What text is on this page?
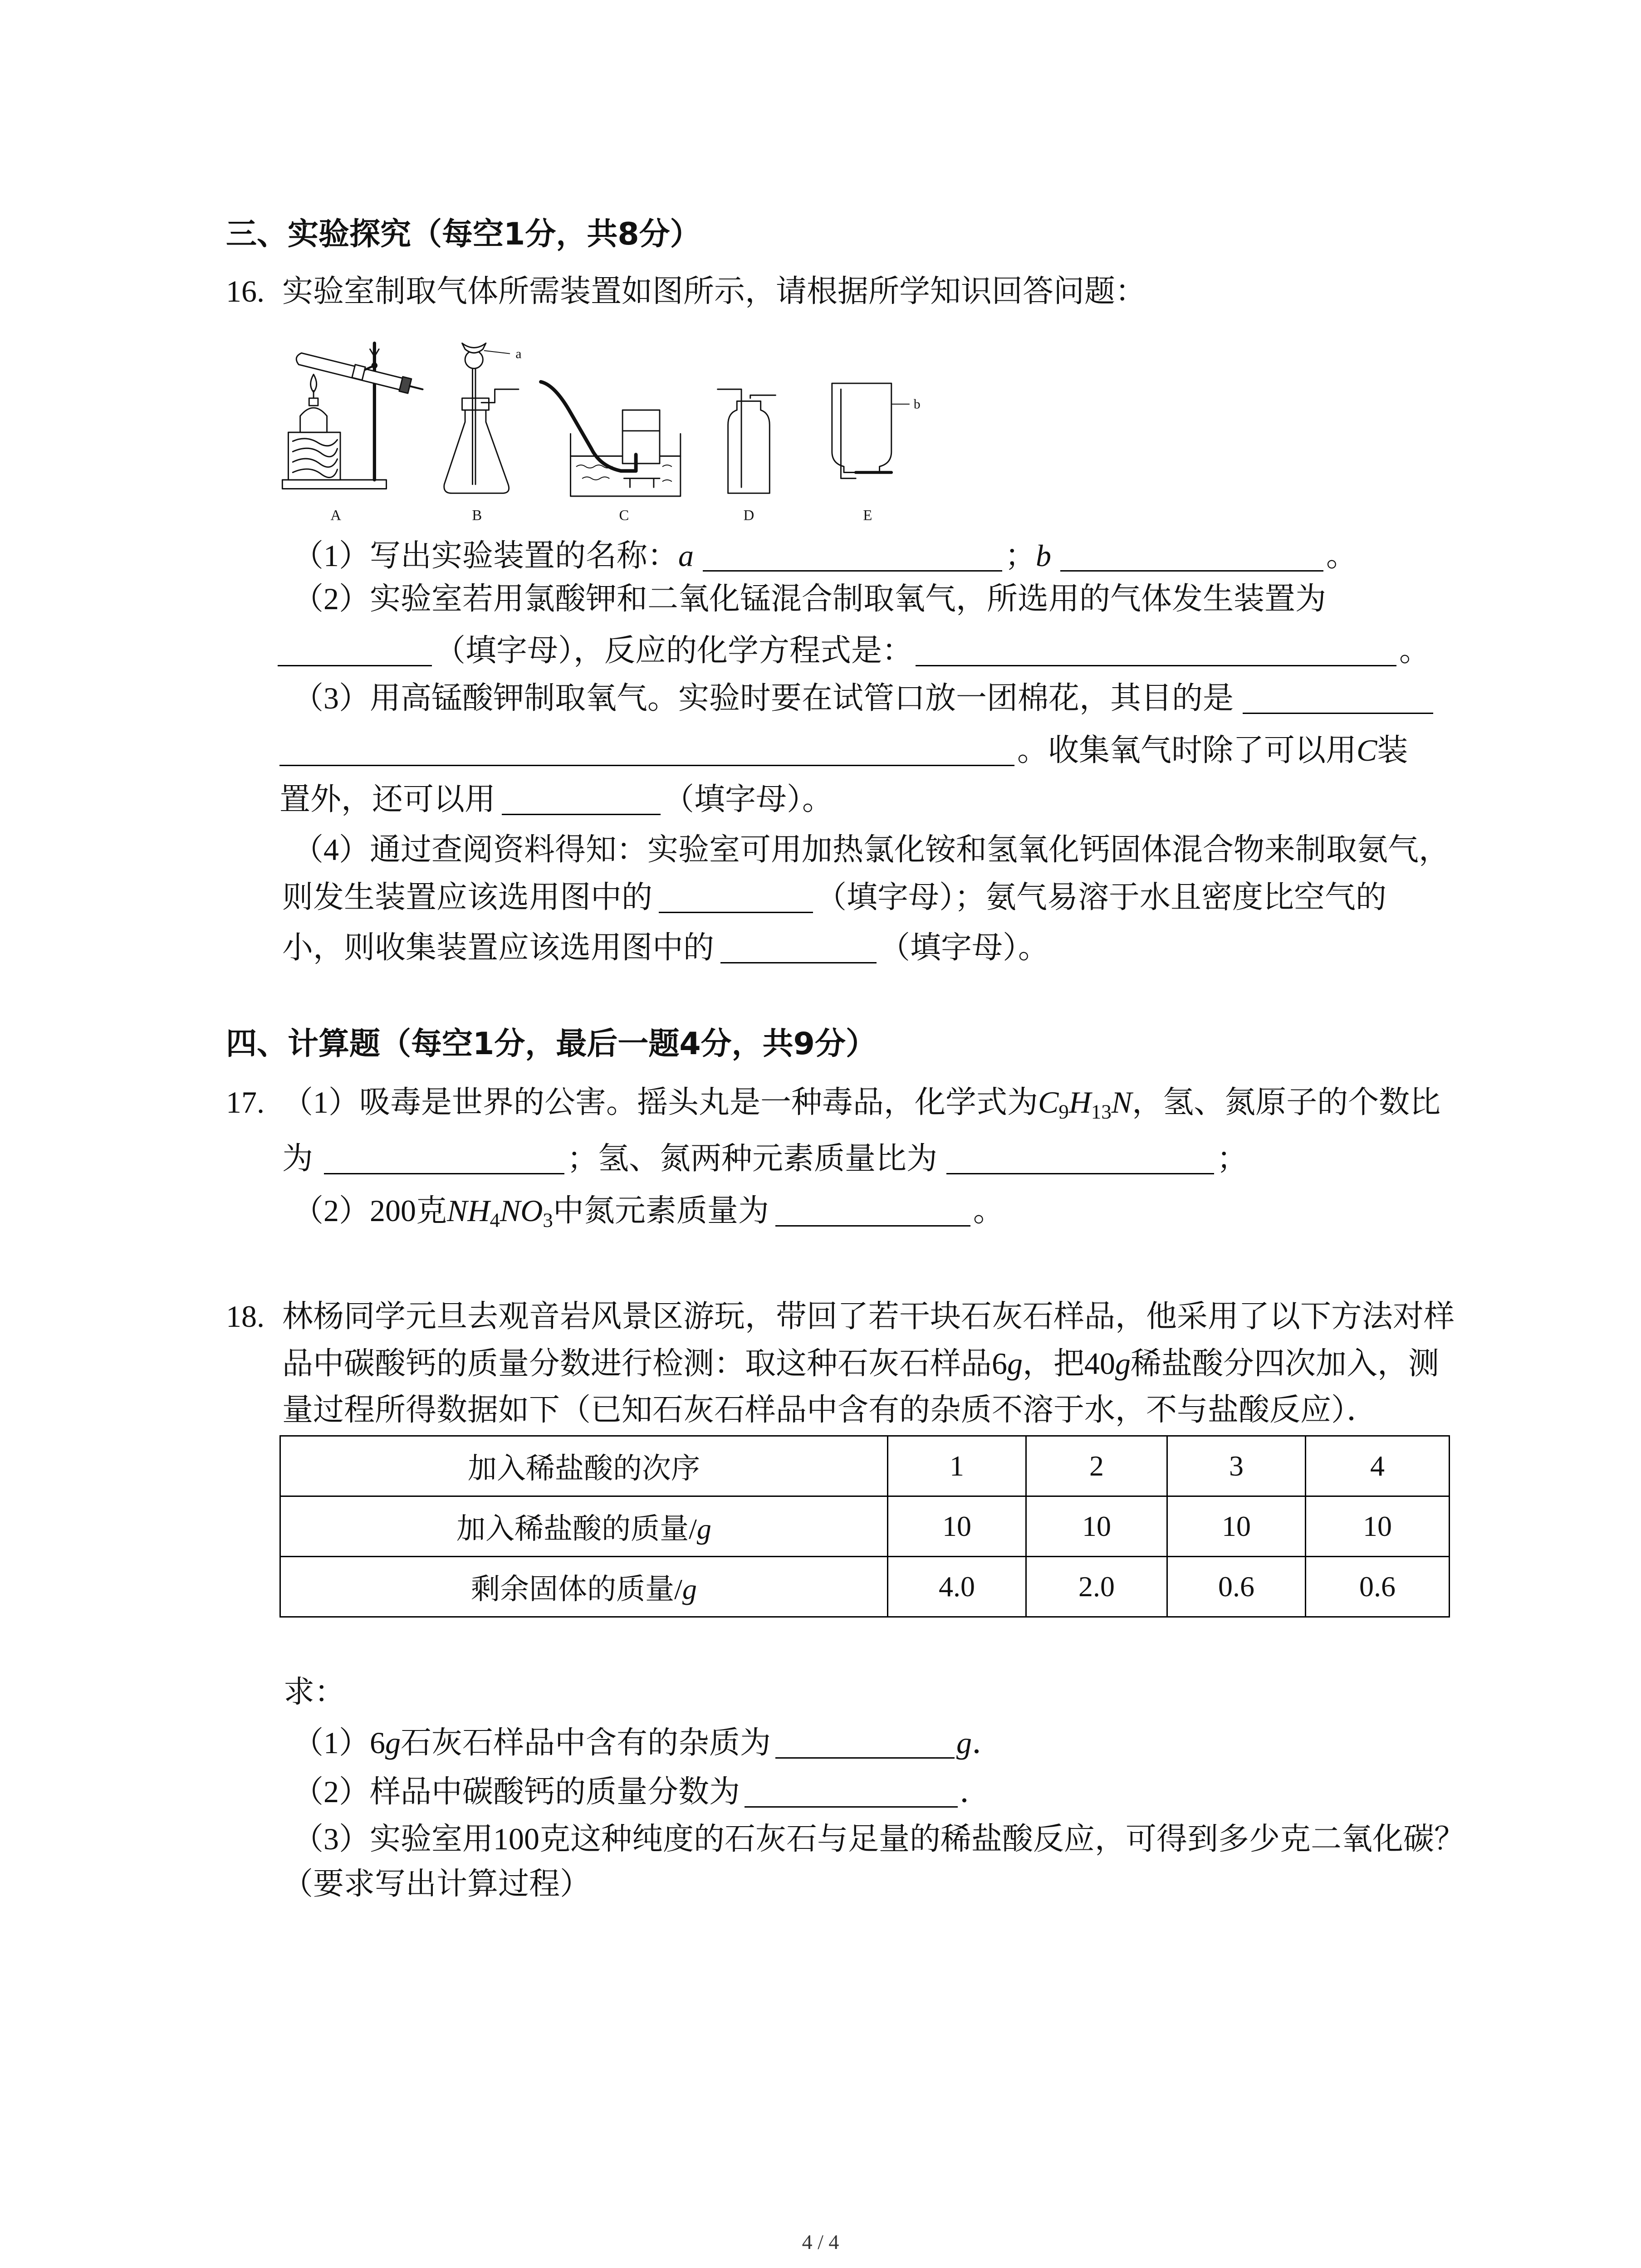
三、实验探究（每空1分，共8分）
16. 实验室制取气体所需装置如图所示，请根据所学知识回答问题：
a
b
A	B	C	D	E
（1）写出实验装置的名称：a	；b	。
（2）实验室若用氯酸钾和二氧化锰混合制取氧气，所选用的气体发生装置为
（填字母），反应的化学方程式是：	。
（3）用高锰酸钾制取氧气。实验时要在试管口放一团棉花，其目的是
。收集氧气时除了可以用C装
置外，还可以用	（填字母）。
（4）通过查阅资料得知：实验室可用加热氯化铵和氢氧化钙固体混合物来制取氨气，
则发生装置应该选用图中的	（填字母）；氨气易溶于水且密度比空气的
小，则收集装置应该选用图中的	（填字母）。
四、计算题（每空1分，最后一题4分，共9分）
17. （1）吸毒是世界的公害。摇头丸是一种毒品，化学式为C9H13N，氢、氮原子的个数比
为	；氢、氮两种元素质量比为	；
（2）200克NH4NO3中氮元素质量为	。
18. 林杨同学元旦去观音岩风景区游玩，带回了若干块石灰石样品，他采用了以下方法对样
品中碳酸钙的质量分数进行检测：取这种石灰石样品6g，把40g稀盐酸分四次加入，测
量过程所得数据如下（已知石灰石样品中含有的杂质不溶于水，不与盐酸反应）．
加入稀盐酸的次序	1	2	3	4
加入稀盐酸的质量/g	10	10	10	10
剩余固体的质量/g	4.0	2.0	0.6	0.6
求：
（1）6g石灰石样品中含有的杂质为	g．
（2）样品中碳酸钙的质量分数为	．
（3）实验室用100克这种纯度的石灰石与足量的稀盐酸反应，可得到多少克二氧化碳？
（要求写出计算过程）
4 / 4
